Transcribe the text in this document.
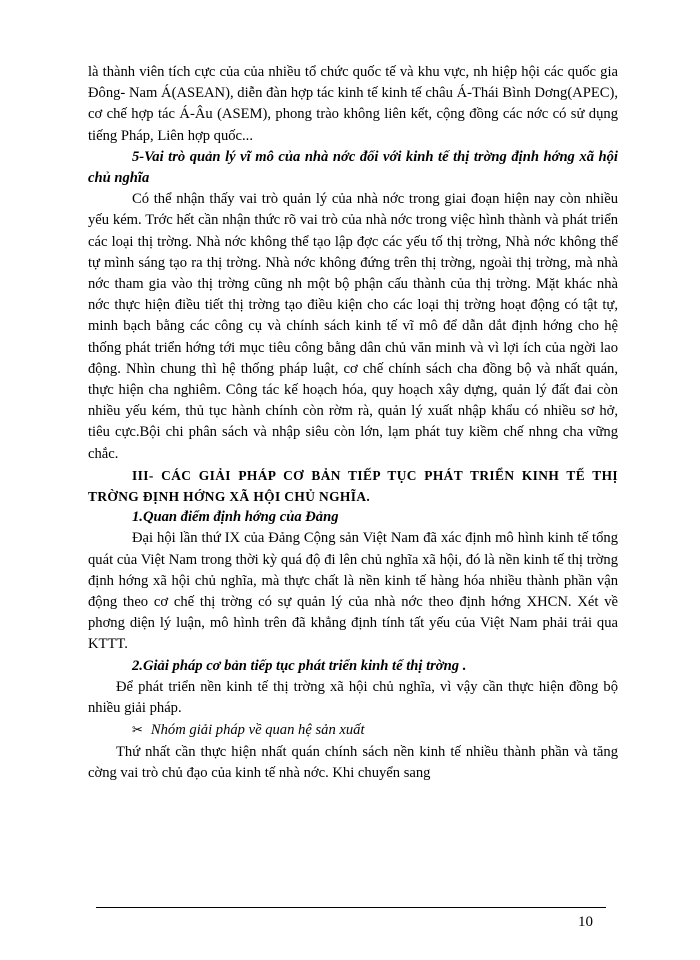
là thành viên tích cực của của nhiều tổ chức quốc tế và khu vực, nh hiệp hội các quốc gia Đông- Nam Á(ASEAN), diễn đàn hợp tác kinh tế kinh tế châu Á-Thái Bình Dơng(APEC), cơ chế hợp tác Á-Âu (ASEM), phong trào không liên kết, cộng đồng các nớc có sử dụng tiếng Pháp, Liên hợp quốc...

5-Vai trò quản lý vĩ mô của nhà nớc đối với kinh tế thị trờng định hớng xã hội chủ nghĩa

Có thể nhận thấy vai trò quản lý của nhà nớc trong giai đoạn hiện nay còn nhiều yếu kém. Trớc hết cần nhận thức rõ vai trò của nhà nớc trong việc hình thành và phát triển các loại thị trờng. Nhà nớc không thể tạo lập đợc các yếu tố thị trờng, Nhà nớc không thể tự mình sáng tạo ra thị trờng. Nhà nớc không đứng trên thị trờng, ngoài thị trờng, mà nhà nớc tham gia vào thị trờng cũng nh một bộ phận cấu thành của thị trờng. Mặt khác nhà nớc thực hiện điều tiết thị trờng tạo điều kiện cho các loại thị trờng hoạt động có tật tự, minh bạch bằng các công cụ và chính sách kinh tế vĩ mô để dẫn dắt định hớng cho hệ thống phát triển hớng tới mục tiêu công bằng dân chủ văn minh và vì lợi ích của ngời lao động. Nhìn chung thì hệ thống pháp luật, cơ chế chính sách cha đồng bộ và nhất quán, thực hiện cha nghiêm. Công tác kế hoạch hóa, quy hoạch xây dựng, quản lý đất đai còn nhiều yếu kém, thủ tục hành chính còn rờm rà, quản lý xuất nhập khẩu có nhiều sơ hở, tiêu cực.Bội chi phân sách và nhập siêu còn lớn, lạm phát tuy kiềm chế nhng cha vững chắc.

III- CÁC GIẢI PHÁP CƠ BẢN TIẾP TỤC PHÁT TRIỂN KINH TẾ THỊ TRỜNG ĐỊNH HỚNG XÃ HỘI CHỦ NGHĨA.

1.Quan điểm định hớng của Đảng

Đại hội lần thứ IX của Đảng Cộng sản Việt Nam đã xác định mô hình kinh tế tổng quát của Việt Nam trong thời kỳ quá độ đi lên chủ nghĩa xã hội, đó là nền kinh tế thị trờng định hớng xã hội chủ nghĩa, mà thực chất là nền kinh tế hàng hóa nhiều thành phần vận động theo cơ chế thị trờng có sự quản lý của nhà nớc theo định hớng XHCN. Xét về phơng diện lý luận, mô hình trên đã khẳng định tính tất yếu của Việt Nam phải trải qua KTTT.

2.Giải pháp cơ bản tiếp tục phát triển kinh tế thị trờng .

Để phát triển nền kinh tế thị trờng xã hội chủ nghĩa, vì vậy cần thực hiện đồng bộ nhiều giải pháp.

✂ Nhóm giải pháp về quan hệ sản xuất

Thứ nhất cần thực hiện nhất quán chính sách nền kinh tế nhiều thành phần và tăng cờng vai trò chủ đạo của kinh tế nhà nớc. Khi chuyển sang

10
